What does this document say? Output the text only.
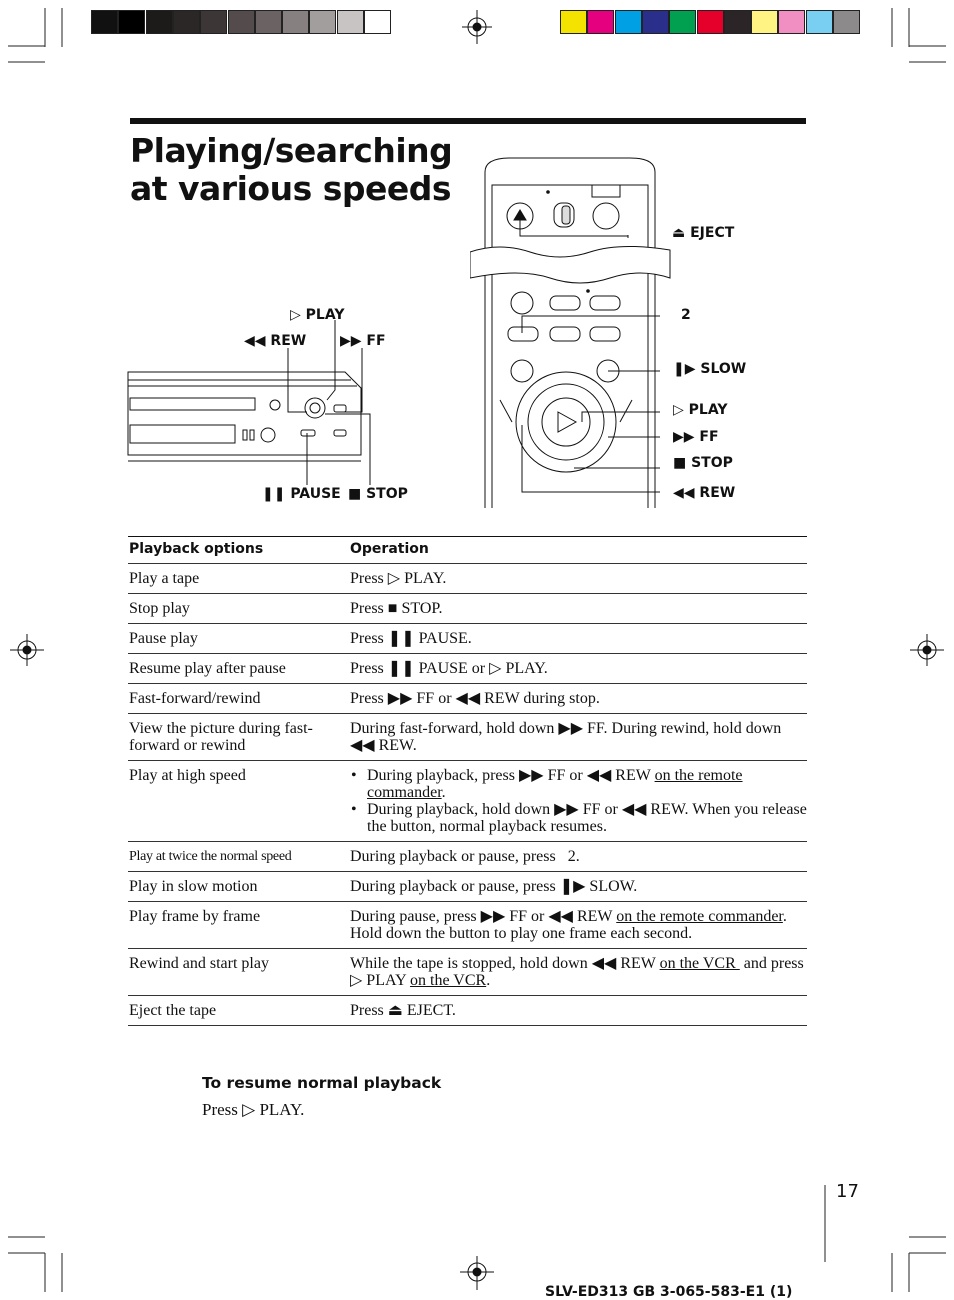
Playing/searching
at various speeds
▷ PLAY
◀◀ REW ▶▶ FF
❚❚ PAUSE ■ STOP
⏏ EJECT
2
❚▶ SLOW
▷ PLAY
▶▶ FF
■ STOP
◀◀ REW
Playback options	Operation
Play a tape	Press ▷ PLAY.
Stop play	Press ■ STOP.
Pause play	Press ❚❚ PAUSE.
Resume play after pause	Press ❚❚ PAUSE or ▷ PLAY.
Fast-forward/rewind	Press ▶▶ FF or ◀◀ REW during stop.
View the picture during fast-forward or rewind
During fast-forward, hold down ▶▶ FF. During rewind, hold down ◀◀ REW.
Play at high speed
•	During playback, press ▶▶ FF or ◀◀ REW on the remote commander.
• During playback, hold down ▶▶ FF or ◀◀ REW. When you release the button, normal playback resumes.
Play at twice the normal speed	During playback or pause, press   2.
Play in slow motion	During playback or pause, press ❚▶ SLOW.
Play frame by frame	During pause, press ▶▶ FF or ◀◀ REW on the remote commander. Hold down the button to play one frame each second.
Rewind and start play	While the tape is stopped, hold down ◀◀ REW on the VCR  and press ▷ PLAY on the VCR.
Eject the tape	Press ⏏ EJECT.
To resume normal playback
Press ▷ PLAY.
17
SLV-ED313 GB 3-065-583-E1 (1)
